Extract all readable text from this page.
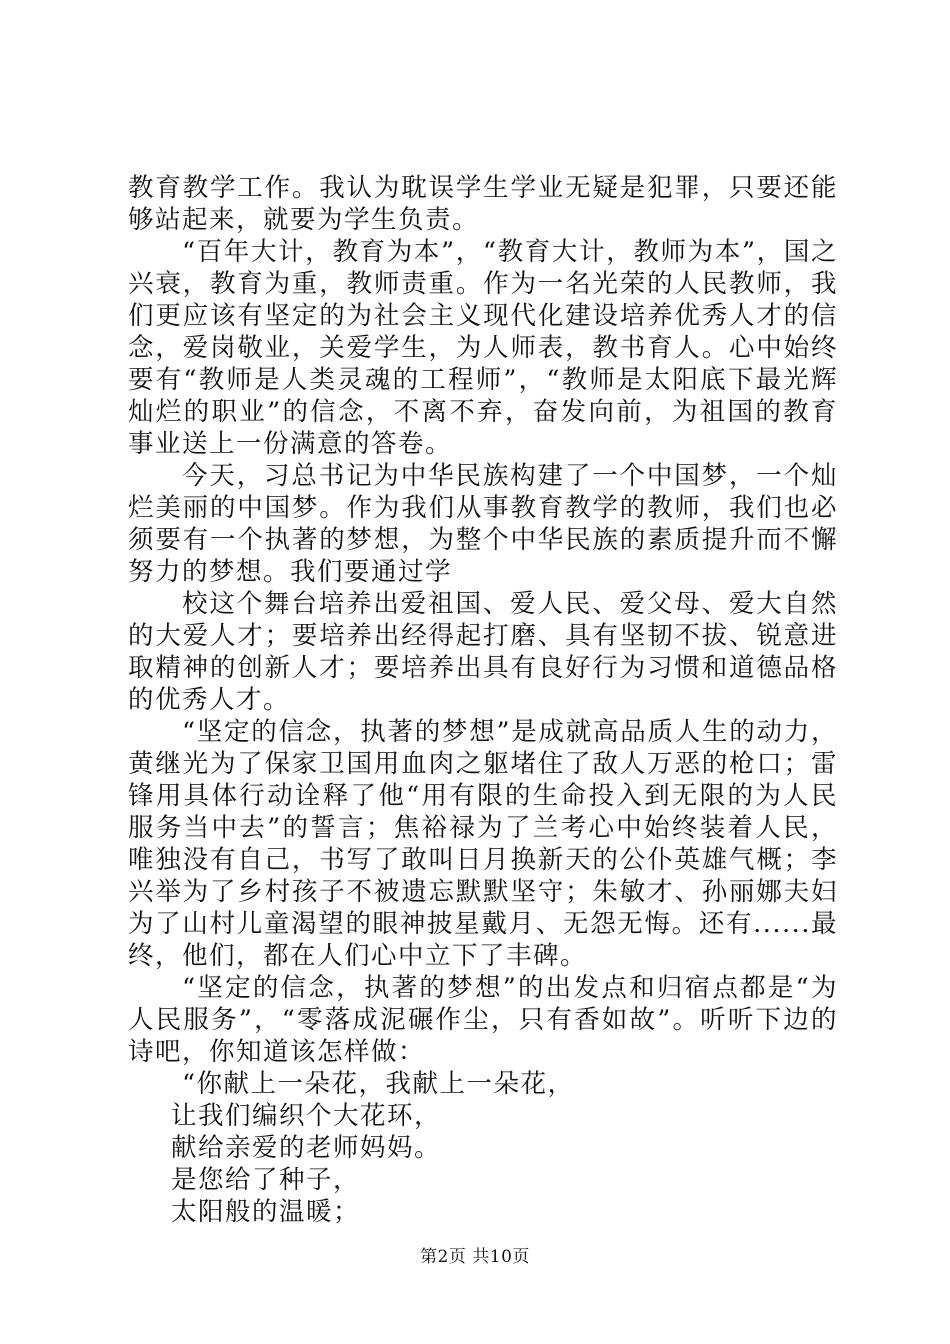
教育教学工作。我认为耽误学生学业无疑是犯罪，只要还能够站起来，就要为学生负责。

“百年大计，教育为本”，“教育大计，教师为本”，国之兴衰，教育为重，教师责重。作为一名光荣的人民教师，我们更应该有坚定的为社会主义现代化建设培养优秀人才的信念，爱岗敬业，关爱学生，为人师表，教书育人。心中始终要有“教师是人类灵魂的工程师”，“教师是太阳底下最光辉灿烂的职业”的信念，不离不弃，奋发向前，为祖国的教育事业送上一份满意的答卷。

今天，习总书记为中华民族构建了一个中国梦，一个灿烂美丽的中国梦。作为我们从事教育教学的教师，我们也必须要有一个执著的梦想，为整个中华民族的素质提升而不懈努力的梦想。我们要通过学

校这个舞台培养出爱祖国、爱人民、爱父母、爱大自然的大爱人才；要培养出经得起打磨、具有坚韧不拔、锐意进取精神的创新人才；要培养出具有良好行为习惯和道德品格的优秀人才。

“坚定的信念，执著的梦想”是成就高品质人生的动力，黄继光为了保家卫国用血肉之躯堵住了敌人万恶的枪口；雷锋用具体行动诠释了他“用有限的生命投入到无限的为人民服务当中去”的誓言；焦裕禄为了兰考心中始终装着人民，唯独没有自己，书写了敢叫日月换新天的公仆英雄气概；李兴举为了乡村孩子不被遗忘默默坚守；朱敏才、孙丽娜夫妇为了山村儿童渴望的眼神披星戴月、无怨无悔。还有......最终，他们，都在人们心中立下了丰碑。

“坚定的信念，执著的梦想”的出发点和归宿点都是“为人民服务”，“零落成泥碾作尘，只有香如故”。听听下边的诗吧，你知道该怎样做：

“你献上一朵花，我献上一朵花，
让我们编织个大花环，
献给亲爱的老师妈妈。
是您给了种子，
太阳般的温暖；
第2页 共10页
